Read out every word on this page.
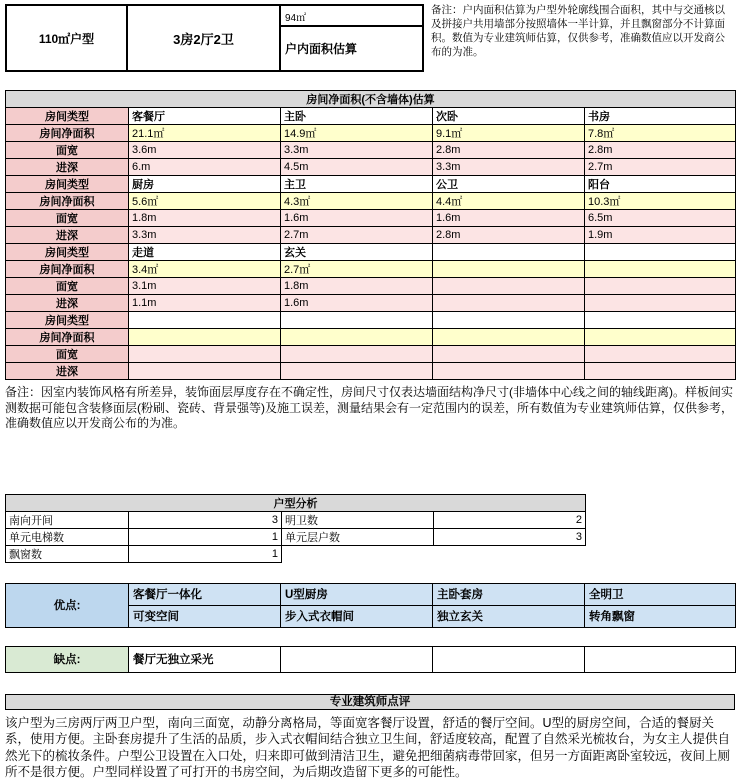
110㎡户型	3房2厅2卫
94㎡
户内面积估算
备注：户内面积估算为户型外轮廓线围合面积，其中与交通核以及拼接户共用墙部分按照墙体一半计算，并且飘窗部分不计算面积。数值为专业建筑师估算，仅供参考，准确数值应以开发商公布的为准。
房间净面积(不含墙体)估算				
房间类型	客餐厅	主卧	次卧	书房
房间净面积	21.1㎡	14.9㎡	9.1㎡	7.8㎡
面宽	3.6m	3.3m	2.8m	2.8m
进深	6.m	4.5m	3.3m	2.7m
房间类型	厨房	主卫	公卫	阳台
房间净面积	5.6㎡	4.3㎡	4.4㎡	10.3㎡
面宽	1.8m	1.6m	1.6m	6.5m
进深	3.3m	2.7m	2.8m	1.9m
房间类型	走道	玄关		
房间净面积	3.4㎡	2.7㎡		
面宽	3.1m	1.8m		
进深	1.1m	1.6m		
房间类型				
房间净面积				
面宽				
进深				
备注：因室内装饰风格有所差异，装饰面层厚度存在不确定性，房间尺寸仅表达墙面结构净尺寸(非墙体中心线之间的轴线距离)。样板间实测数据可能包含装修面层(粉刷、瓷砖、背景强等)及施工误差，测量结果会有一定范围内的误差，所有数值为专业建筑师估算，仅供参考，准确数值应以开发商公布的为准。
户型分析			
南向开间	3	明卫数	2
单元电梯数	1	单元层户数	3
飘窗数	1		
优点:	客餐厅一体化	U型厨房	主卧套房	全明卫
	可变空间	步入式衣帽间	独立玄关	转角飘窗
缺点:	餐厅无独立采光			
专业建筑师点评
该户型为三房两厅两卫户型，南向三面宽，动静分离格局，等面宽客餐厅设置，舒适的餐厅空间。U型的厨房空间，合适的餐厨关系，使用方便。主卧套房提升了生活的品质，步入式衣帽间结合独立卫生间，舒适度较高，配置了自然采光梳妆台，为女主人提供自然光下的梳妆条件。户型公卫设置在入口处，归来即可做到清洁卫生，避免把细菌病毒带回家，但另一方面距离卧室较远，夜间上厕所不是很方便。户型同样设置了可打开的书房空间，为后期改造留下更多的可能性。
